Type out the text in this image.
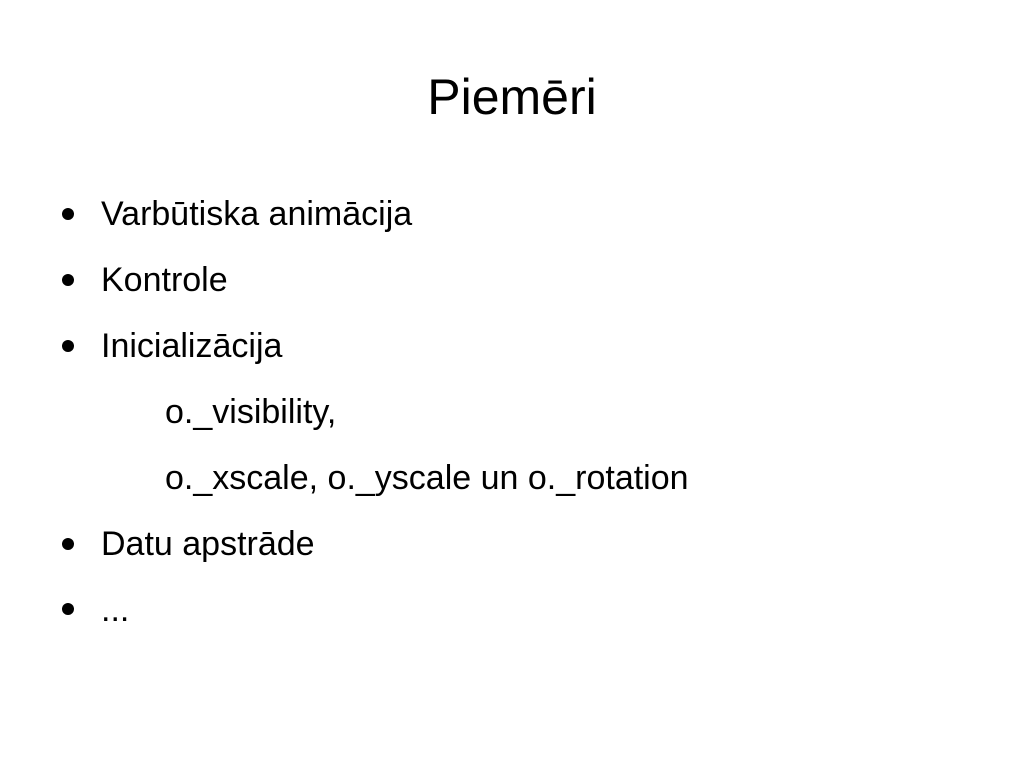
Piemēri
Varbūtiska animācija
Kontrole
Inicializācija
o._visibility,
o._xscale, o._yscale un o._rotation
Datu apstrāde
...
